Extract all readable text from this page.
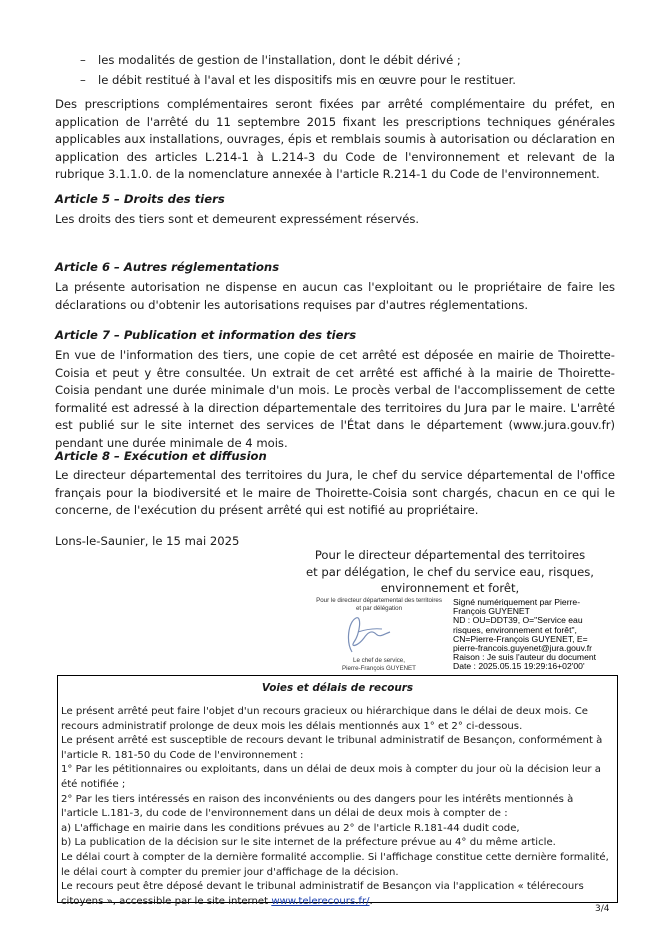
–	les modalités de gestion de l'installation, dont le débit dérivé ;
–	le débit restitué à l'aval et les dispositifs mis en œuvre pour le restituer.
Des prescriptions complémentaires seront fixées par arrêté complémentaire du préfet, en application de l'arrêté du 11 septembre 2015 fixant les prescriptions techniques générales applicables aux installations, ouvrages, épis et remblais soumis à autorisation ou déclaration en application des articles L.214-1 à L.214-3 du Code de l'environnement et relevant de la rubrique 3.1.1.0. de la nomenclature annexée à l'article R.214-1 du Code de l'environnement.
Article 5 – Droits des tiers
Les droits des tiers sont et demeurent expressément réservés.
Article 6 – Autres réglementations
La présente autorisation ne dispense en aucun cas l'exploitant ou le propriétaire de faire les déclarations ou d'obtenir les autorisations requises par d'autres réglementations.
Article 7 – Publication et information des tiers
En vue de l'information des tiers, une copie de cet arrêté est déposée en mairie de Thoirette-Coisia et peut y être consultée. Un extrait de cet arrêté est affiché à la mairie de Thoirette-Coisia pendant une durée minimale d'un mois. Le procès verbal de l'accomplissement de cette formalité est adressé à la direction départementale des territoires du Jura par le maire. L'arrêté est publié sur le site internet des services de l'État dans le département (www.jura.gouv.fr) pendant une durée minimale de 4 mois.
Article 8 – Exécution et diffusion
Le directeur départemental des territoires du Jura, le chef du service départemental de l'office français pour la biodiversité et le maire de Thoirette-Coisia sont chargés, chacun en ce qui le concerne, de l'exécution du présent arrêté qui est notifié au propriétaire.
Lons-le-Saunier, le 15 mai 2025
Pour le directeur départemental des territoires
et par délégation, le chef du service eau, risques,
environnement et forêt,
Pour le directeur départemental des territoires
et par délégation
Le chef de service,
Pierre-François GUYENET
Signé numériquement par Pierre-
François GUYENET
ND : OU=DDT39, O="Service eau
risques, environnement et forêt",
CN=Pierre-François GUYENET, E=
pierre-francois.guyenet@jura.gouv.fr
Raison : Je suis l'auteur du document
Date : 2025.05.15 19:29:16+02'00'
Voies et délais de recours
Le présent arrêté peut faire l'objet d'un recours gracieux ou hiérarchique dans le délai de deux mois. Ce recours administratif prolonge de deux mois les délais mentionnés aux 1° et 2° ci-dessous.
Le présent arrêté est susceptible de recours devant le tribunal administratif de Besançon, conformément à l'article R. 181-50 du Code de l'environnement :
1° Par les pétitionnaires ou exploitants, dans un délai de deux mois à compter du jour où la décision leur a été notifiée ;
2° Par les tiers intéressés en raison des inconvénients ou des dangers pour les intérêts mentionnés à l'article L.181-3, du code de l'environnement dans un délai de deux mois à compter de :
a) L'affichage en mairie dans les conditions prévues au 2° de l'article R.181-44 dudit code,
b) La publication de la décision sur le site internet de la préfecture prévue au 4° du même article.
Le délai court à compter de la dernière formalité accomplie. Si l'affichage constitue cette dernière formalité, le délai court à compter du premier jour d'affichage de la décision.
Le recours peut être déposé devant le tribunal administratif de Besançon via l'application « télérecours citoyens », accessible par le site internet www.telerecours.fr/.
3/4
